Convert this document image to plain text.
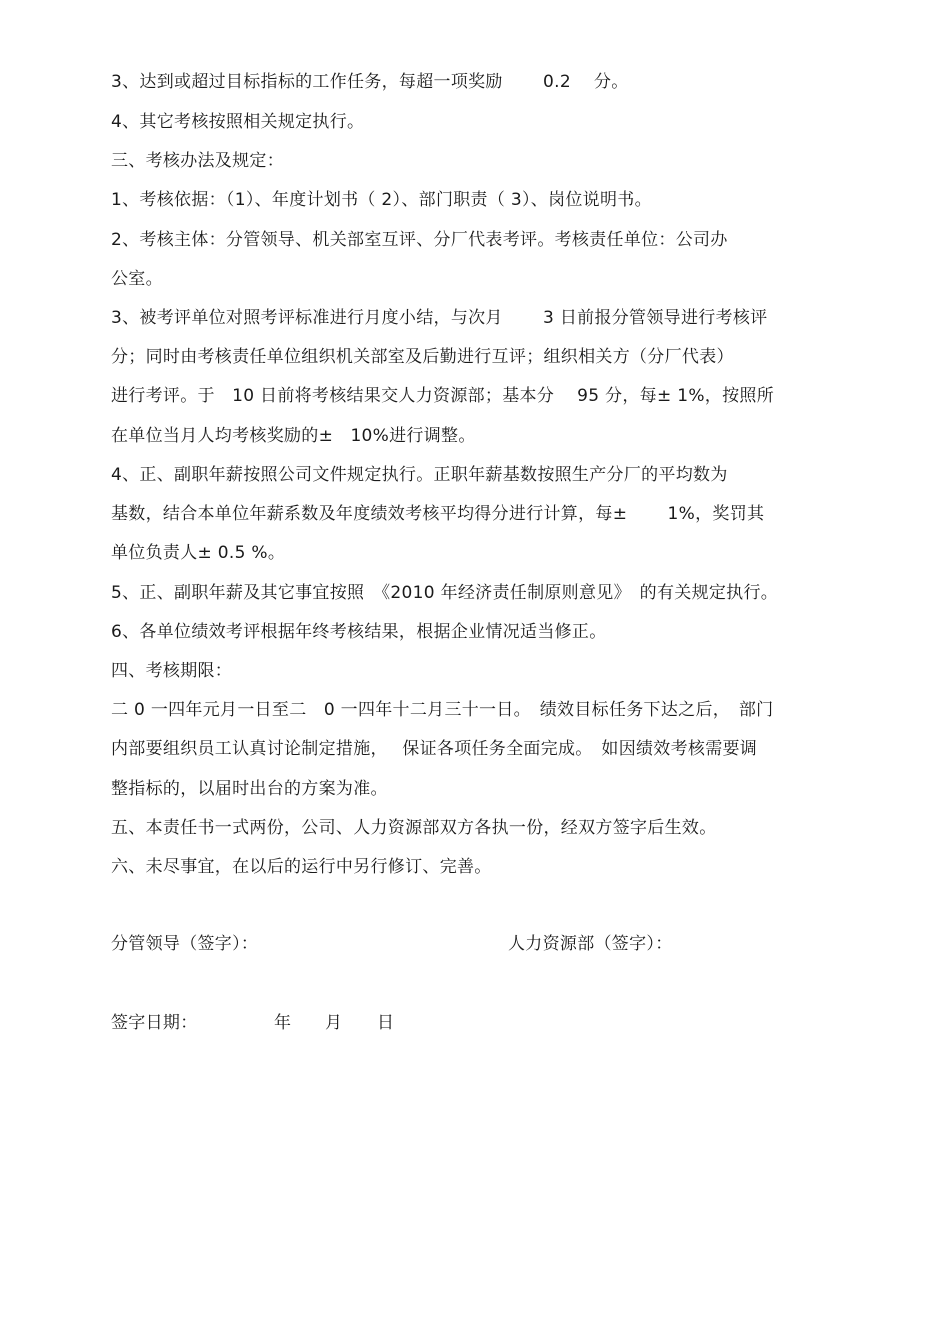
3、达到或超过目标指标的工作任务，每超一项奖励　　 0.2　 分。
4、其它考核按照相关规定执行。
三、考核办法及规定：
1、考核依据：（1）、年度计划书（ 2）、部门职责（ 3）、岗位说明书。
2、考核主体：分管领导、机关部室互评、分厂代表考评。考核责任单位：公司办
公室。
3、被考评单位对照考评标准进行月度小结，与次月　　 3 日前报分管领导进行考核评
分；同时由考核责任单位组织机关部室及后勤进行互评；组织相关方（分厂代表）
进行考评。于　10 日前将考核结果交人力资源部；基本分　 95 分，每± 1%，按照所
在单位当月人均考核奖励的±　10%进行调整。
4、正、副职年薪按照公司文件规定执行。正职年薪基数按照生产分厂的平均数为
基数，结合本单位年薪系数及年度绩效考核平均得分进行计算，每±　　 1%，奖罚其
单位负责人± 0.5 %。
5、正、副职年薪及其它事宜按照　《2010 年经济责任制原则意见》　的有关规定执行。
6、各单位绩效考评根据年终考核结果，根据企业情况适当修正。
四、考核期限：
二 0 一四年元月一日至二　0 一四年十二月三十一日。　绩效目标任务下达之后，　部门
内部要组织员工认真讨论制定措施，　 保证各项任务全面完成。　如因绩效考核需要调
整指标的，以届时出台的方案为准。
五、本责任书一式两份，公司、人力资源部双方各执一份，经双方签字后生效。
六、未尽事宜，在以后的运行中另行修订、完善。
分管领导（签字）：	人力资源部（签字）：
签字日期：	年 月 日
